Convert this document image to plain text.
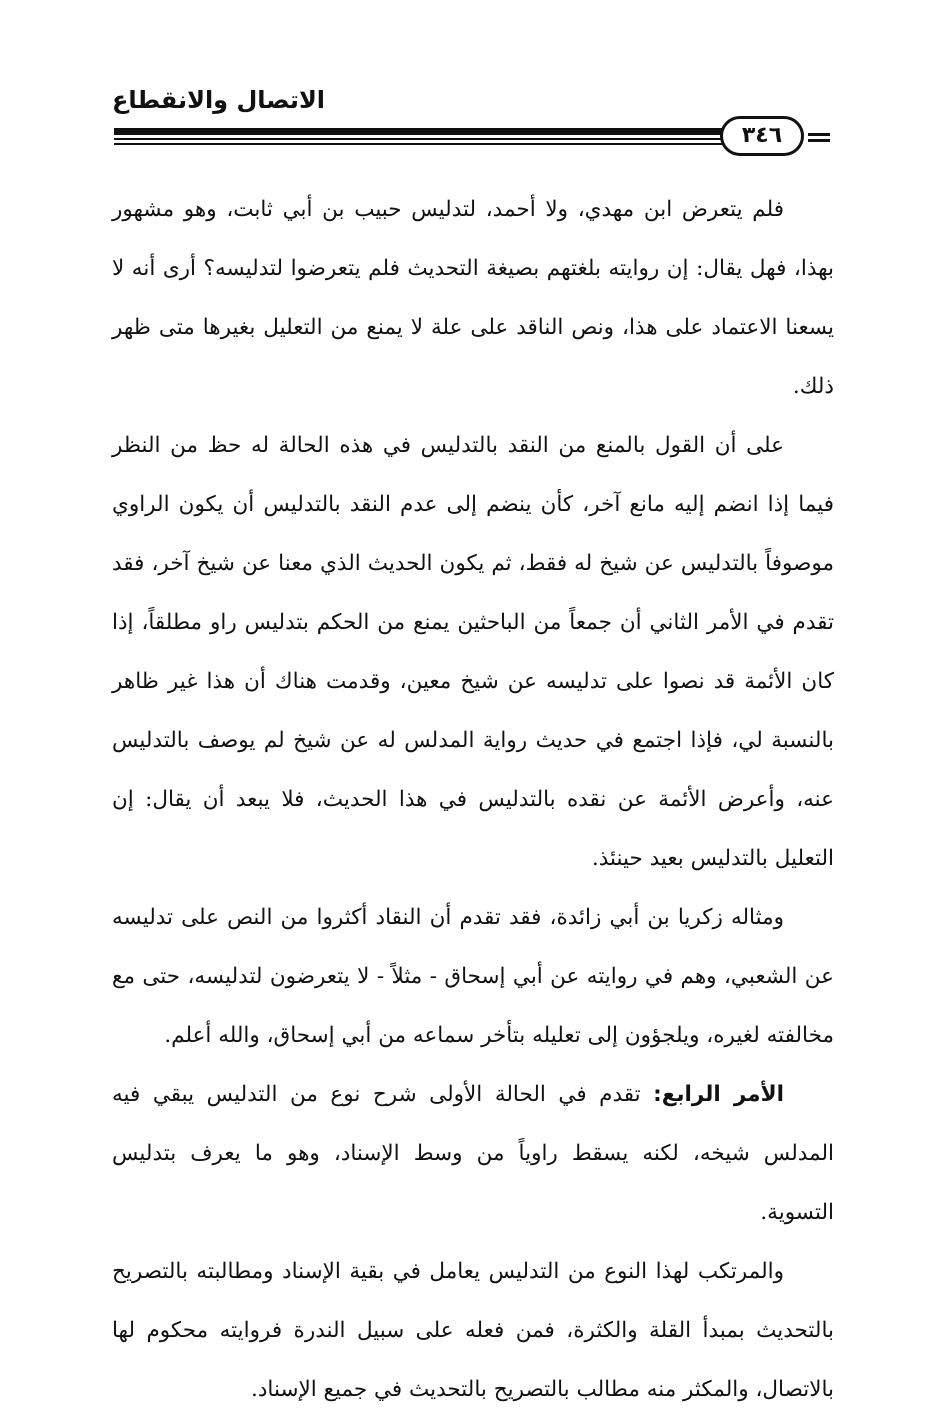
الاتصال والانقطاع
٣٤٦

فلم يتعرض ابن مهدي، ولا أحمد، لتدليس حبيب بن أبي ثابت، وهو مشهور بهذا، فهل يقال: إن روايته بلغتهم بصيغة التحديث فلم يتعرضوا لتدليسه؟ أرى أنه لا يسعنا الاعتماد على هذا، ونص الناقد على علة لا يمنع من التعليل بغيرها متى ظهر ذلك.

على أن القول بالمنع من النقد بالتدليس في هذه الحالة له حظ من النظر فيما إذا انضم إليه مانع آخر، كأن ينضم إلى عدم النقد بالتدليس أن يكون الراوي موصوفاً بالتدليس عن شيخ له فقط، ثم يكون الحديث الذي معنا عن شيخ آخر، فقد تقدم في الأمر الثاني أن جمعاً من الباحثين يمنع من الحكم بتدليس راو مطلقاً، إذا كان الأئمة قد نصوا على تدليسه عن شيخ معين، وقدمت هناك أن هذا غير ظاهر بالنسبة لي، فإذا اجتمع في حديث رواية المدلس له عن شيخ لم يوصف بالتدليس عنه، وأعرض الأئمة عن نقده بالتدليس في هذا الحديث، فلا يبعد أن يقال: إن التعليل بالتدليس بعيد حينئذ.

ومثاله زكريا بن أبي زائدة، فقد تقدم أن النقاد أكثروا من النص على تدليسه عن الشعبي، وهم في روايته عن أبي إسحاق - مثلاً - لا يتعرضون لتدليسه، حتى مع مخالفته لغيره، ويلجؤون إلى تعليله بتأخر سماعه من أبي إسحاق، والله أعلم.

الأمر الرابع: تقدم في الحالة الأولى شرح نوع من التدليس يبقي فيه المدلس شيخه، لكنه يسقط راوياً من وسط الإسناد، وهو ما يعرف بتدليس التسوية.

والمرتكب لهذا النوع من التدليس يعامل في بقية الإسناد ومطالبته بالتصريح بالتحديث بمبدأ القلة والكثرة، فمن فعله على سبيل الندرة فروايته محكوم لها بالاتصال، والمكثر منه مطالب بالتصريح بالتحديث في جميع الإسناد.
